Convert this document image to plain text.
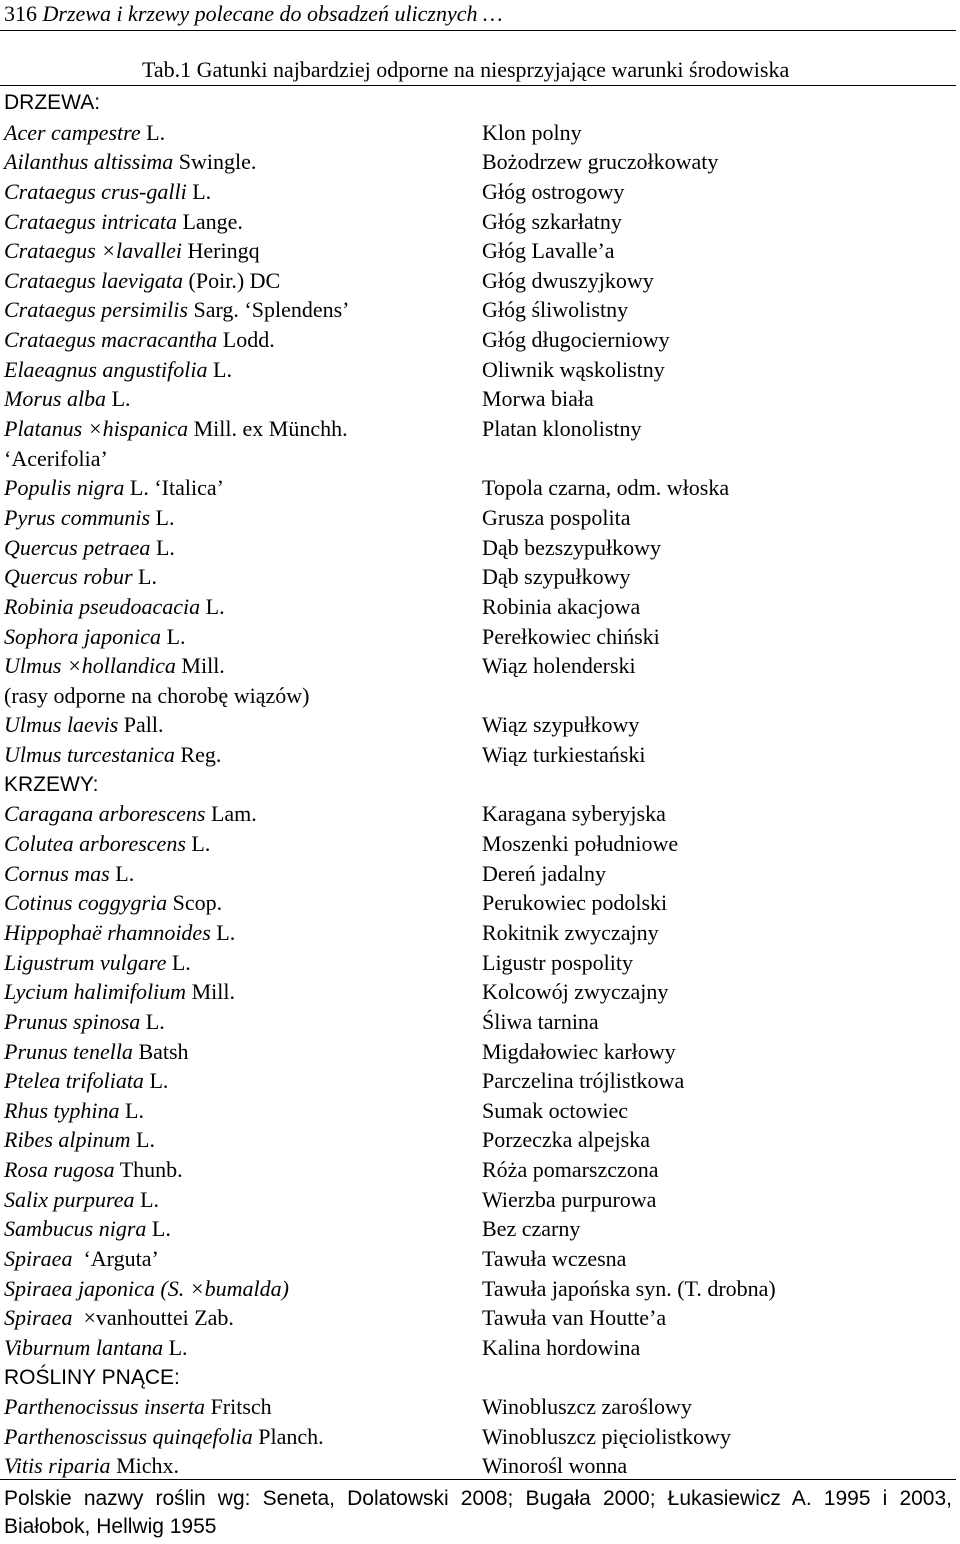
316 Drzewa i krzewy polecane do obsadzeń ulicznych …
Tab.1 Gatunki najbardziej odporne na niesprzyjające warunki środowiska
DRZEWA:
Acer campestre L.	Klon polny
Ailanthus altissima Swingle.	Bożodrzew gruczołkowaty
Crataegus crus-galli L.	Głóg ostrogowy
Crataegus intricata Lange.	Głóg szkarłatny
Crataegus ×lavallei Heringq	Głóg Lavalle’a
Crataegus laevigata (Poir.) DC	Głóg dwuszyjkowy
Crataegus persimilis Sarg. ‘Splendens’	Głóg śliwolistny
Crataegus macracantha Lodd.	Głóg długocierniowy
Elaeagnus angustifolia L.	Oliwnik wąskolistny
Morus alba L.	Morwa biała
Platanus ×hispanica Mill. ex Münchh.	Platan klonolistny
‘Acerifolia’
Populis nigra L. ‘Italica’	Topola czarna, odm. włoska
Pyrus communis L.	Grusza pospolita
Quercus petraea L.	Dąb bezszypułkowy
Quercus robur L.	Dąb szypułkowy
Robinia pseudoacacia L.	Robinia akacjowa
Sophora japonica L.	Perełkowiec chiński
Ulmus ×hollandica Mill.	Wiąz holenderski
(rasy odporne na chorobę wiązów)
Ulmus laevis Pall.	Wiąz szypułkowy
Ulmus turcestanica Reg.	Wiąz turkiestański
KRZEWY:
Caragana arborescens Lam.	Karagana syberyjska
Colutea arborescens L.	Moszenki południowe
Cornus mas L.	Dereń jadalny
Cotinus coggygria Scop.	Perukowiec podolski
Hippophaë rhamnoides L.	Rokitnik zwyczajny
Ligustrum vulgare L.	Ligustr pospolity
Lycium halimifolium Mill.	Kolcowój zwyczajny
Prunus spinosa L.	Śliwa tarnina
Prunus tenella Batsh	Migdałowiec karłowy
Ptelea trifoliata L.	Parczelina trójlistkowa
Rhus typhina L.	Sumak octowiec
Ribes alpinum L.	Porzeczka alpejska
Rosa rugosa Thunb.	Róża pomarszczona
Salix purpurea L.	Wierzba purpurowa
Sambucus nigra L.	Bez czarny
Spiraea  ‘Arguta’	Tawuła wczesna
Spiraea japonica (S. ×bumalda)	Tawuła japońska syn. (T. drobna)
Spiraea  ×vanhouttei Zab.	Tawuła van Houtte’a
Viburnum lantana L.	Kalina hordowina
ROŚLINY PNĄCE:
Parthenocissus inserta Fritsch	Winobluszcz zaroślowy
Parthenoscissus quinqefolia Planch.	Winobluszcz pięciolistkowy
Vitis riparia Michx.	Winorośl wonna
Polskie nazwy roślin wg: Seneta, Dolatowski 2008; Bugała 2000; Łukasiewicz A. 1995 i 2003, Białobok, Hellwig 1955
